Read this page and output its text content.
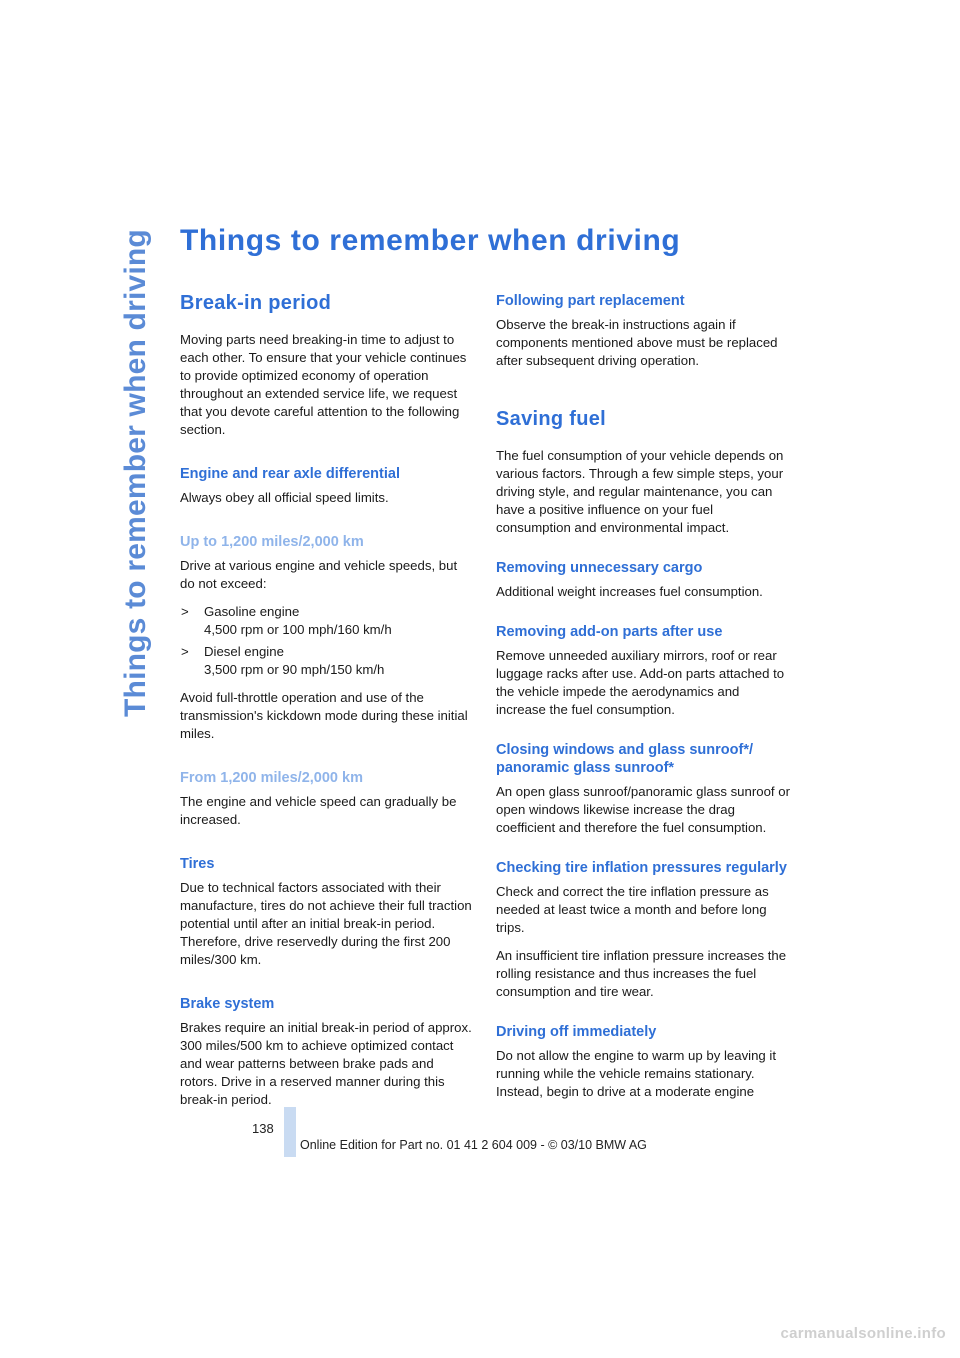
Things to remember when driving Things to remember when driving
Break-in period

Moving parts need breaking-in time to adjust to each other. To ensure that your vehicle continues to provide optimized economy of operation throughout an extended service life, we request that you devote careful attention to the following section.

Engine and rear axle differential

Always obey all official speed limits.

Up to 1,200 miles/2,000 km

Drive at various engine and vehicle speeds, but do not exceed:

> Gasoline engine
4,500 rpm or 100 mph/160 km/h
> Diesel engine
3,500 rpm or 90 mph/150 km/h

Avoid full-throttle operation and use of the transmission's kickdown mode during these initial miles.

From 1,200 miles/2,000 km

The engine and vehicle speed can gradually be increased.

Tires

Due to technical factors associated with their manufacture, tires do not achieve their full traction potential until after an initial break-in period. Therefore, drive reservedly during the first 200 miles/300 km.

Brake system

Brakes require an initial break-in period of approx. 300 miles/500 km to achieve optimized contact and wear patterns between brake pads and rotors. Drive in a reserved manner during this break-in period.

Following part replacement

Observe the break-in instructions again if components mentioned above must be replaced after subsequent driving operation.

Saving fuel

The fuel consumption of your vehicle depends on various factors. Through a few simple steps, your driving style, and regular maintenance, you can have a positive influence on your fuel consumption and environmental impact.

Removing unnecessary cargo

Additional weight increases fuel consumption.

Removing add-on parts after use

Remove unneeded auxiliary mirrors, roof or rear luggage racks after use. Add-on parts attached to the vehicle impede the aerodynamics and increase the fuel consumption.

Closing windows and glass sunroof*/ panoramic glass sunroof*

An open glass sunroof/panoramic glass sunroof or open windows likewise increase the drag coefficient and therefore the fuel consumption.

Checking tire inflation pressures regularly

Check and correct the tire inflation pressure as needed at least twice a month and before long trips.

An insufficient tire inflation pressure increases the rolling resistance and thus increases the fuel consumption and tire wear.

Driving off immediately

Do not allow the engine to warm up by leaving it running while the vehicle remains stationary. Instead, begin to drive at a moderate engine

138
Online Edition for Part no. 01 41 2 604 009 - © 03/10 BMW AG
carmanualsonline.info
